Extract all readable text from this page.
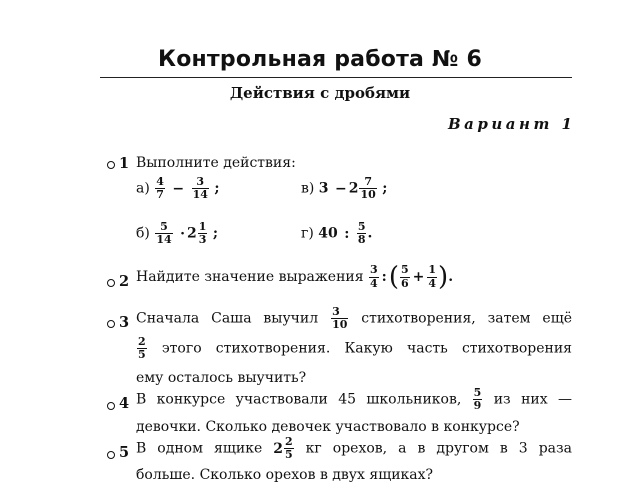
Контрольная работа № 6
Действия с дробями
Вариант 1
1 Выполните действия:
$а) \frac{4}{7} - \frac{3}{14}$ ;	в) $3 - 2 \frac{7}{10}$ ;
$б) \frac{5}{14} \cdot 2 \frac{1}{3}$ ;	г) 40 : $\frac{5}{8}$ .
2 Найдите значение выражения $\frac{3}{4}$ :( $\frac{5}{6} + \frac{1}{4}$ ).
3 Сначала Саша выучил $\frac{3}{10}$ стихотворения, затем ещё
$\frac{2}{5}$ этого стихотворения. Какую часть стихотворения
ему осталось выучить?
4 В конкурсе участвовали 45 школьников, $\frac{5}{9}$ из них —
девочки. Сколько девочек участвовало в конкурсе?
5 В одном ящике $2 \frac{2}{5}$ кг орехов, а в другом в 3 раза
больше. Сколько орехов в двух ящиках?
